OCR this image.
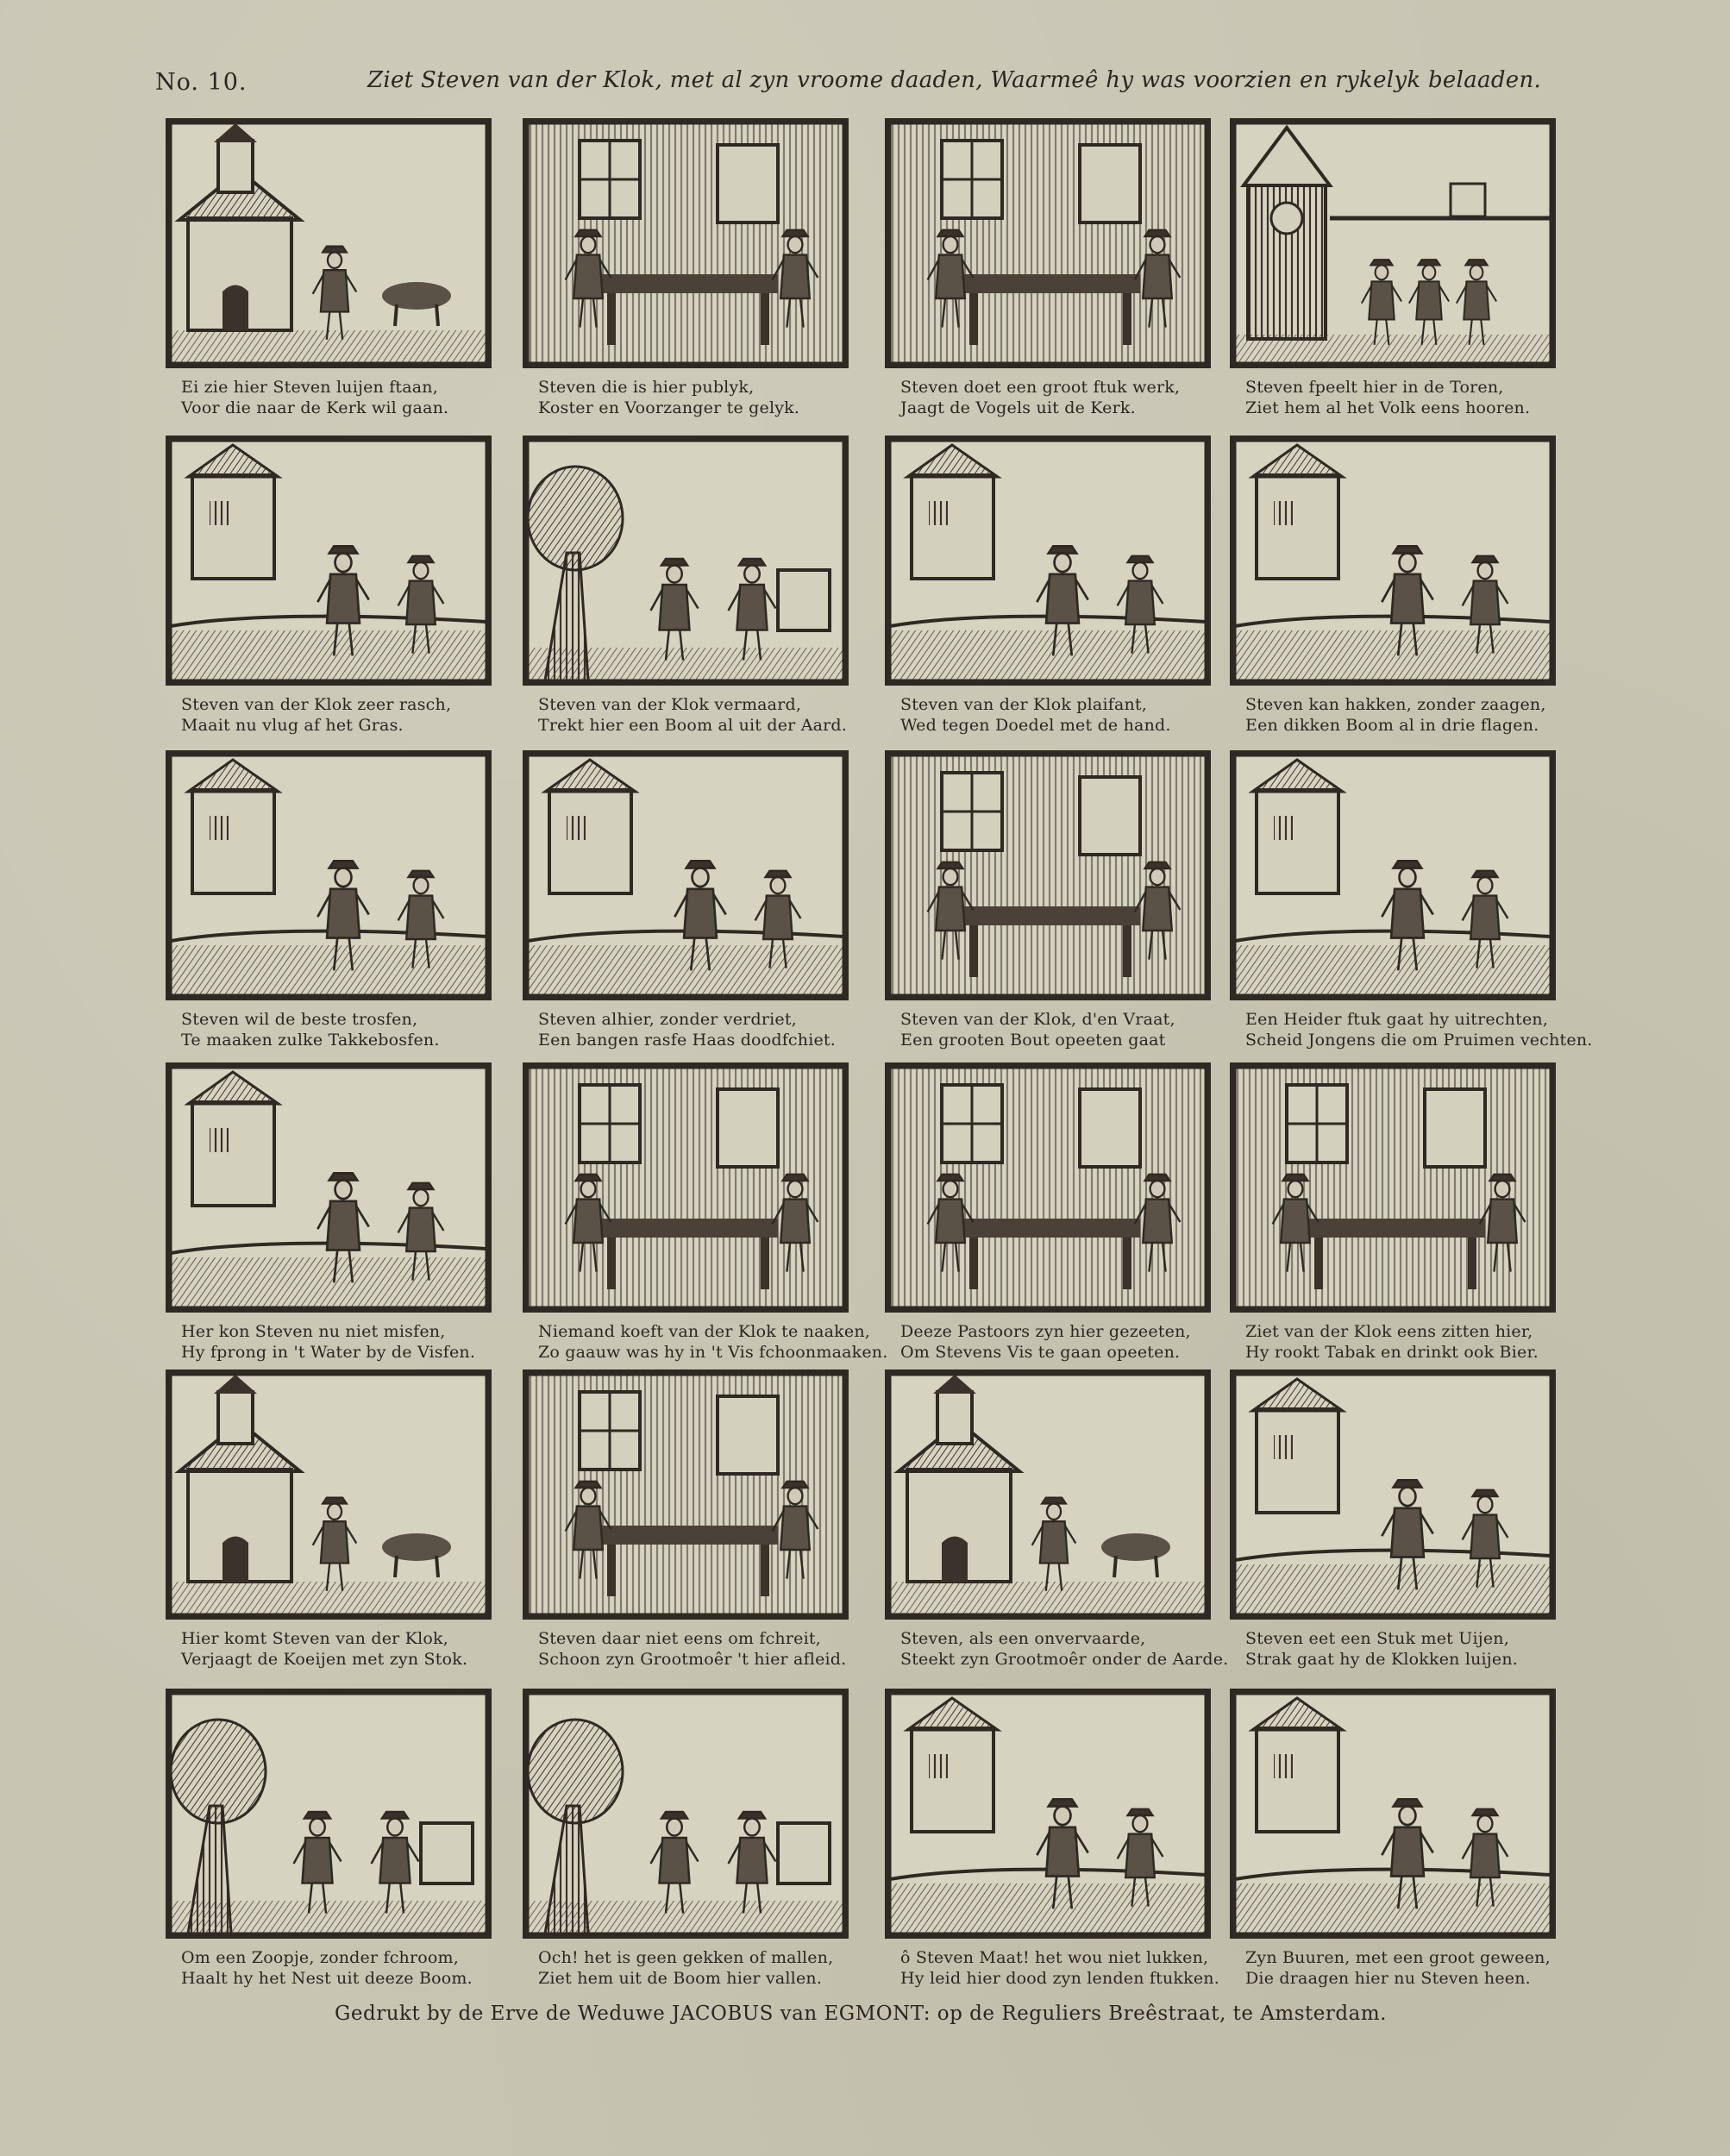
No. 10.	Ziet Steven van der Klok, met al zyn vroome daaden, Waarmeê hy was voorzien en rykelyk belaaden.
Ei zie hier Steven luijen ftaan,
Voor die naar de Kerk wil gaan.
Steven die is hier publyk,
Koster en Voorzanger te gelyk.
Steven doet een groot ftuk werk,
Jaagt de Vogels uit de Kerk.
Steven fpeelt hier in de Toren,
Ziet hem al het Volk eens hooren.
Steven van der Klok zeer rasch,
Maait nu vlug af het Gras.
Steven van der Klok vermaard,
Trekt hier een Boom al uit der Aard.
Steven van der Klok plaifant,
Wed tegen Doedel met de hand.
Steven kan hakken, zonder zaagen,
Een dikken Boom al in drie flagen.
Steven wil de beste trosfen,
Te maaken zulke Takkebosfen.
Steven alhier, zonder verdriet,
Een bangen rasfe Haas doodfchiet.
Steven van der Klok, d'en Vraat,
Een grooten Bout opeeten gaat
Een Heider ftuk gaat hy uitrechten,
Scheid Jongens die om Pruimen vechten.
Her kon Steven nu niet misfen,
Hy fprong in 't Water by de Visfen.
Niemand koeft van der Klok te naaken,
Zo gaauw was hy in 't Vis fchoonmaaken.
Deeze Pastoors zyn hier gezeeten,
Om Stevens Vis te gaan opeeten.
Ziet van der Klok eens zitten hier,
Hy rookt Tabak en drinkt ook Bier.
Hier komt Steven van der Klok,
Verjaagt de Koeijen met zyn Stok.
Steven daar niet eens om fchreit,
Schoon zyn Grootmoêr 't hier afleid.
Steven, als een onvervaarde,
Steekt zyn Grootmoêr onder de Aarde.
Steven eet een Stuk met Uijen,
Strak gaat hy de Klokken luijen.
Om een Zoopje, zonder fchroom,
Haalt hy het Nest uit deeze Boom.
Och! het is geen gekken of mallen,
Ziet hem uit de Boom hier vallen.
ô Steven Maat! het wou niet lukken,
Hy leid hier dood zyn lenden ftukken.
Zyn Buuren, met een groot geween,
Die draagen hier nu Steven heen.
Gedrukt by de Erve de Weduwe JACOBUS van EGMONT: op de Reguliers Breêstraat, te Amsterdam.
